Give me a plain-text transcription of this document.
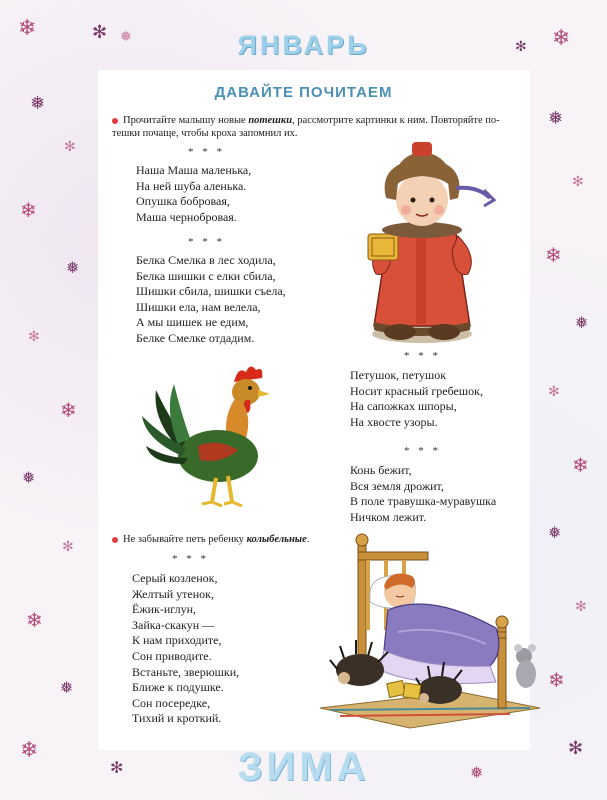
❄	✻ ❅	❄
✻
❅
✻
❄
❅
✻
❄
❅
✻
❄
❅
❄
✻
❅
✻
❄
❅
✻
❄
❅
✻
❄
✻
❅
ЯНВАРЬ
ДАВАЙТЕ ПОЧИТАЕМ
Прочитайте малышу новые потешки, рассмотрите картинки к ним. Повторяйте по-
тешки почаще, чтобы кроха запомнил их.
* * *
Наша Маша маленька,
На ней шуба аленька.
Опушка бобровая,
Маша чернобровая.
* * *
Белка Смелка в лес ходила,
Белка шишки с елки сбила,
Шишки сбила, шишки съела,
Шишки ела, нам велела,
А мы шишек не едим,
Белке Смелке отдадим.
* * *
Петушок, петушок
Носит красный гребешок,
На сапожках шпоры,
На хвосте узоры.
* * *
Конь бежит,
Вся земля дрожит,
В поле травушка-муравушка
Ничком лежит.
Не забывайте петь ребенку колыбельные.
* * *
Серый козленок,
Желтый утенок,
Ёжик-иглун,
Зайка-скакун —
К нам приходите,
Сон приводите.
Встаньте, зверюшки,
Ближе к подушке.
Сон посередке,
Тихий и кроткий.
ЗИМА
